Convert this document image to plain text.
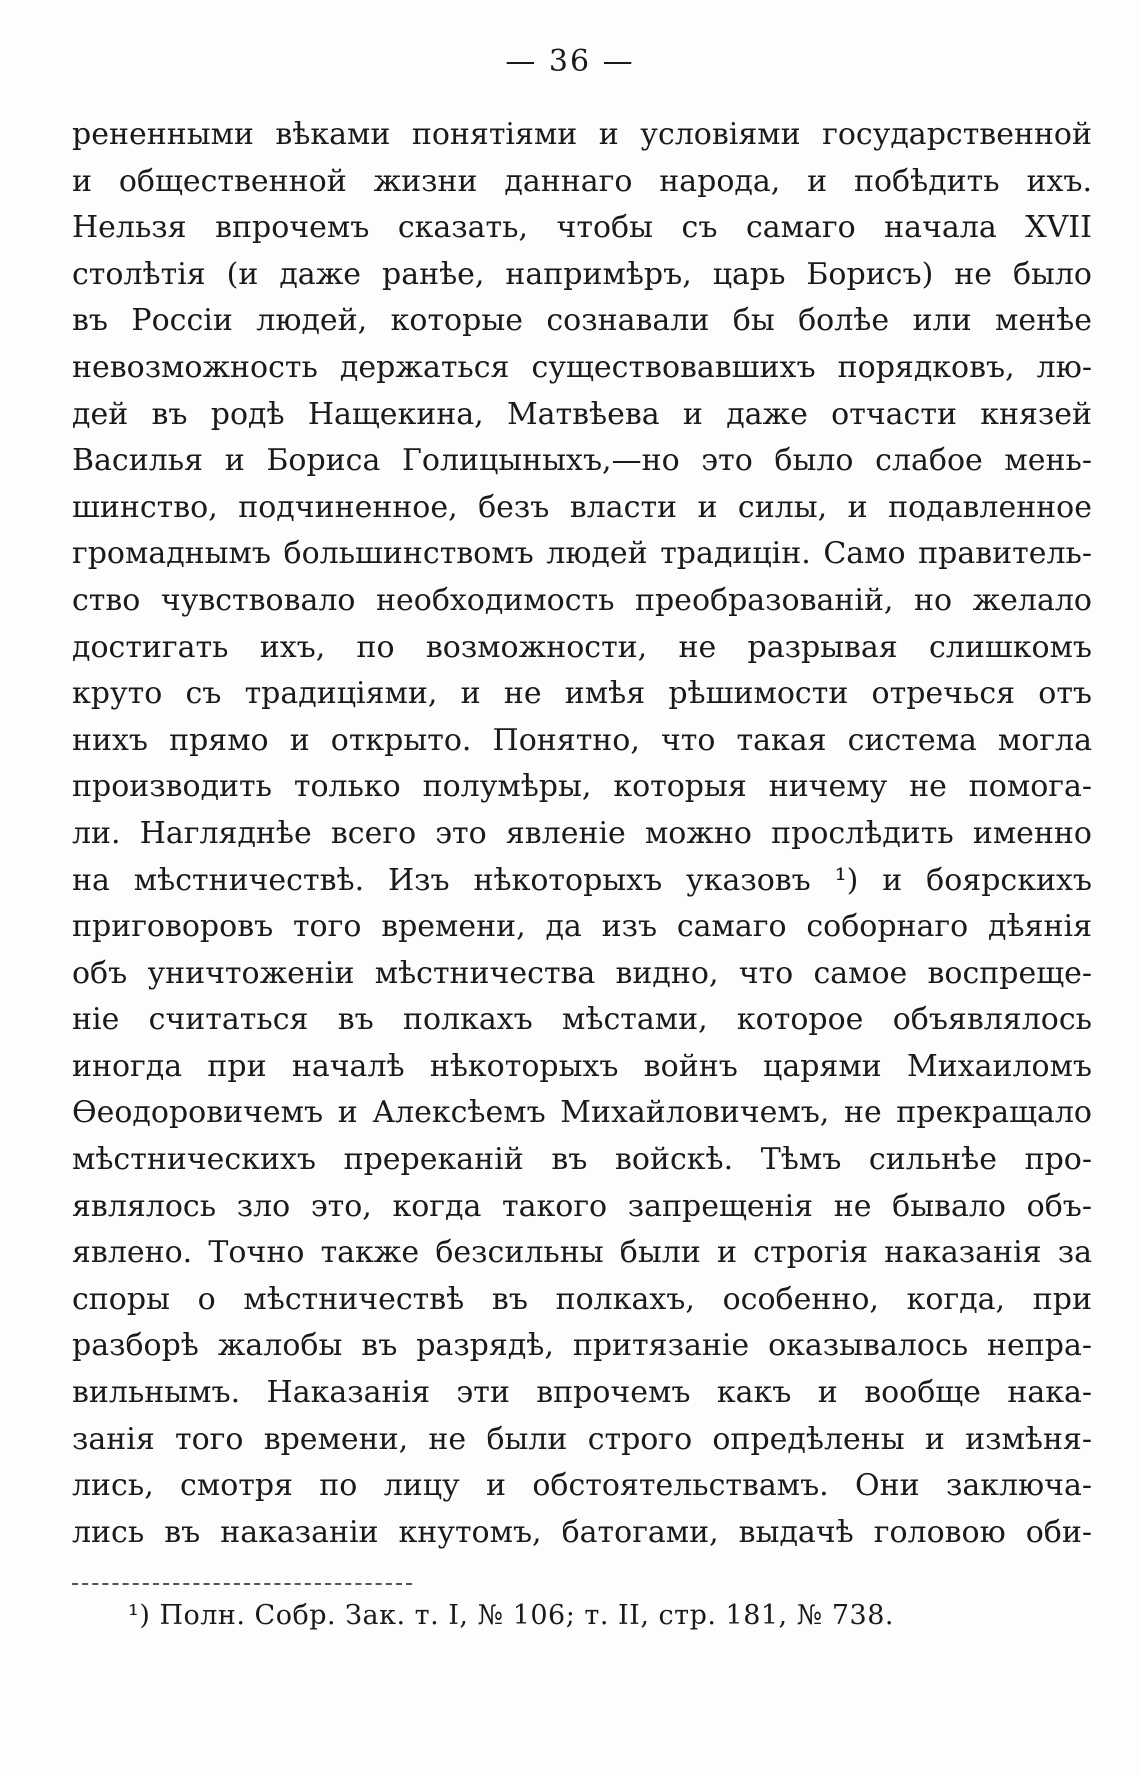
— 36 —
рененными вѣками понятіями и условіями государственной
и общественной жизни даннаго народа, и побѣдить ихъ.
Нельзя впрочемъ сказать, чтобы съ самаго начала XVII
столѣтія (и даже ранѣе, напримѣръ, царь Борисъ) не было
въ Россіи людей, которые сознавали бы болѣе или менѣе
невозможность держаться существовавшихъ порядковъ, лю-
дей въ родѣ Нащекина, Матвѣева и даже отчасти князей
Василья и Бориса Голицыныхъ,—но это было слабое мень-
шинство, подчиненное, безъ власти и силы, и подавленное
громаднымъ большинствомъ людей традицін. Само правитель-
ство чувствовало необходимость преобразованій, но желало
достигать ихъ, по возможности, не разрывая слишкомъ
круто съ традиціями, и не имѣя рѣшимости отречься отъ
нихъ прямо и открыто. Понятно, что такая система могла
производить только полумѣры, которыя ничему не помога-
ли. Нагляднѣе всего это явленіе можно прослѣдить именно
на мѣстничествѣ. Изъ нѣкоторыхъ указовъ ¹) и боярскихъ
приговоровъ того времени, да изъ самаго соборнаго дѣянія
объ уничтоженіи мѣстничества видно, что самое воспреще-
ніе считаться въ полкахъ мѣстами, которое объявлялось
иногда при началѣ нѣкоторыхъ войнъ царями Михаиломъ
Ѳеодоровичемъ и Алексѣемъ Михайловичемъ, не прекращало
мѣстническихъ пререканій въ войскѣ. Тѣмъ сильнѣе про-
являлось зло это, когда такого запрещенія не бывало объ-
явлено. Точно также безсильны были и строгія наказанія за
споры о мѣстничествѣ въ полкахъ, особенно, когда, при
разборѣ жалобы въ разрядѣ, притязаніе оказывалось непра-
вильнымъ. Наказанія эти впрочемъ какъ и вообще нака-
занія того времени, не были строго опредѣлены и измѣня-
лись, смотря по лицу и обстоятельствамъ. Они заключа-
лись въ наказаніи кнутомъ, батогами, выдачѣ головою оби-
¹) Полн. Собр. Зак. т. I, № 106; т. II, стр. 181, № 738.
